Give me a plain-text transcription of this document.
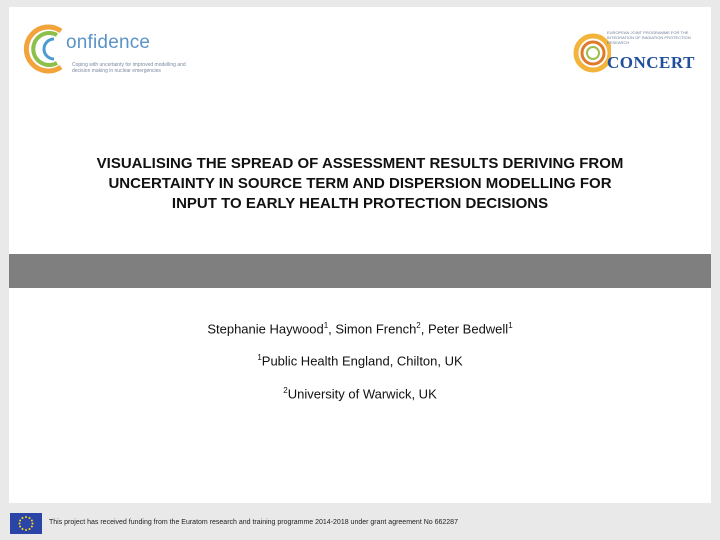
onfidence
Coping with uncertainty for improved modelling and decision making in nuclear emergencies
EUROPEAN JOINT PROGRAMME FOR THE INTEGRATION OF RADIATION PROTECTION RESEARCH
CONCERT
VISUALISING THE SPREAD OF ASSESSMENT RESULTS DERIVING FROM
UNCERTAINTY IN SOURCE TERM AND DISPERSION MODELLING FOR
INPUT TO EARLY HEALTH PROTECTION DECISIONS

Stephanie Haywood$^1$, Simon French$^2$, Peter Bedwell$^1$

$^1$Public Health England, Chilton, UK

$^2$University of Warwick, UK

This project has received funding from the Euratom research and training programme 2014-2018 under grant agreement No 662287
